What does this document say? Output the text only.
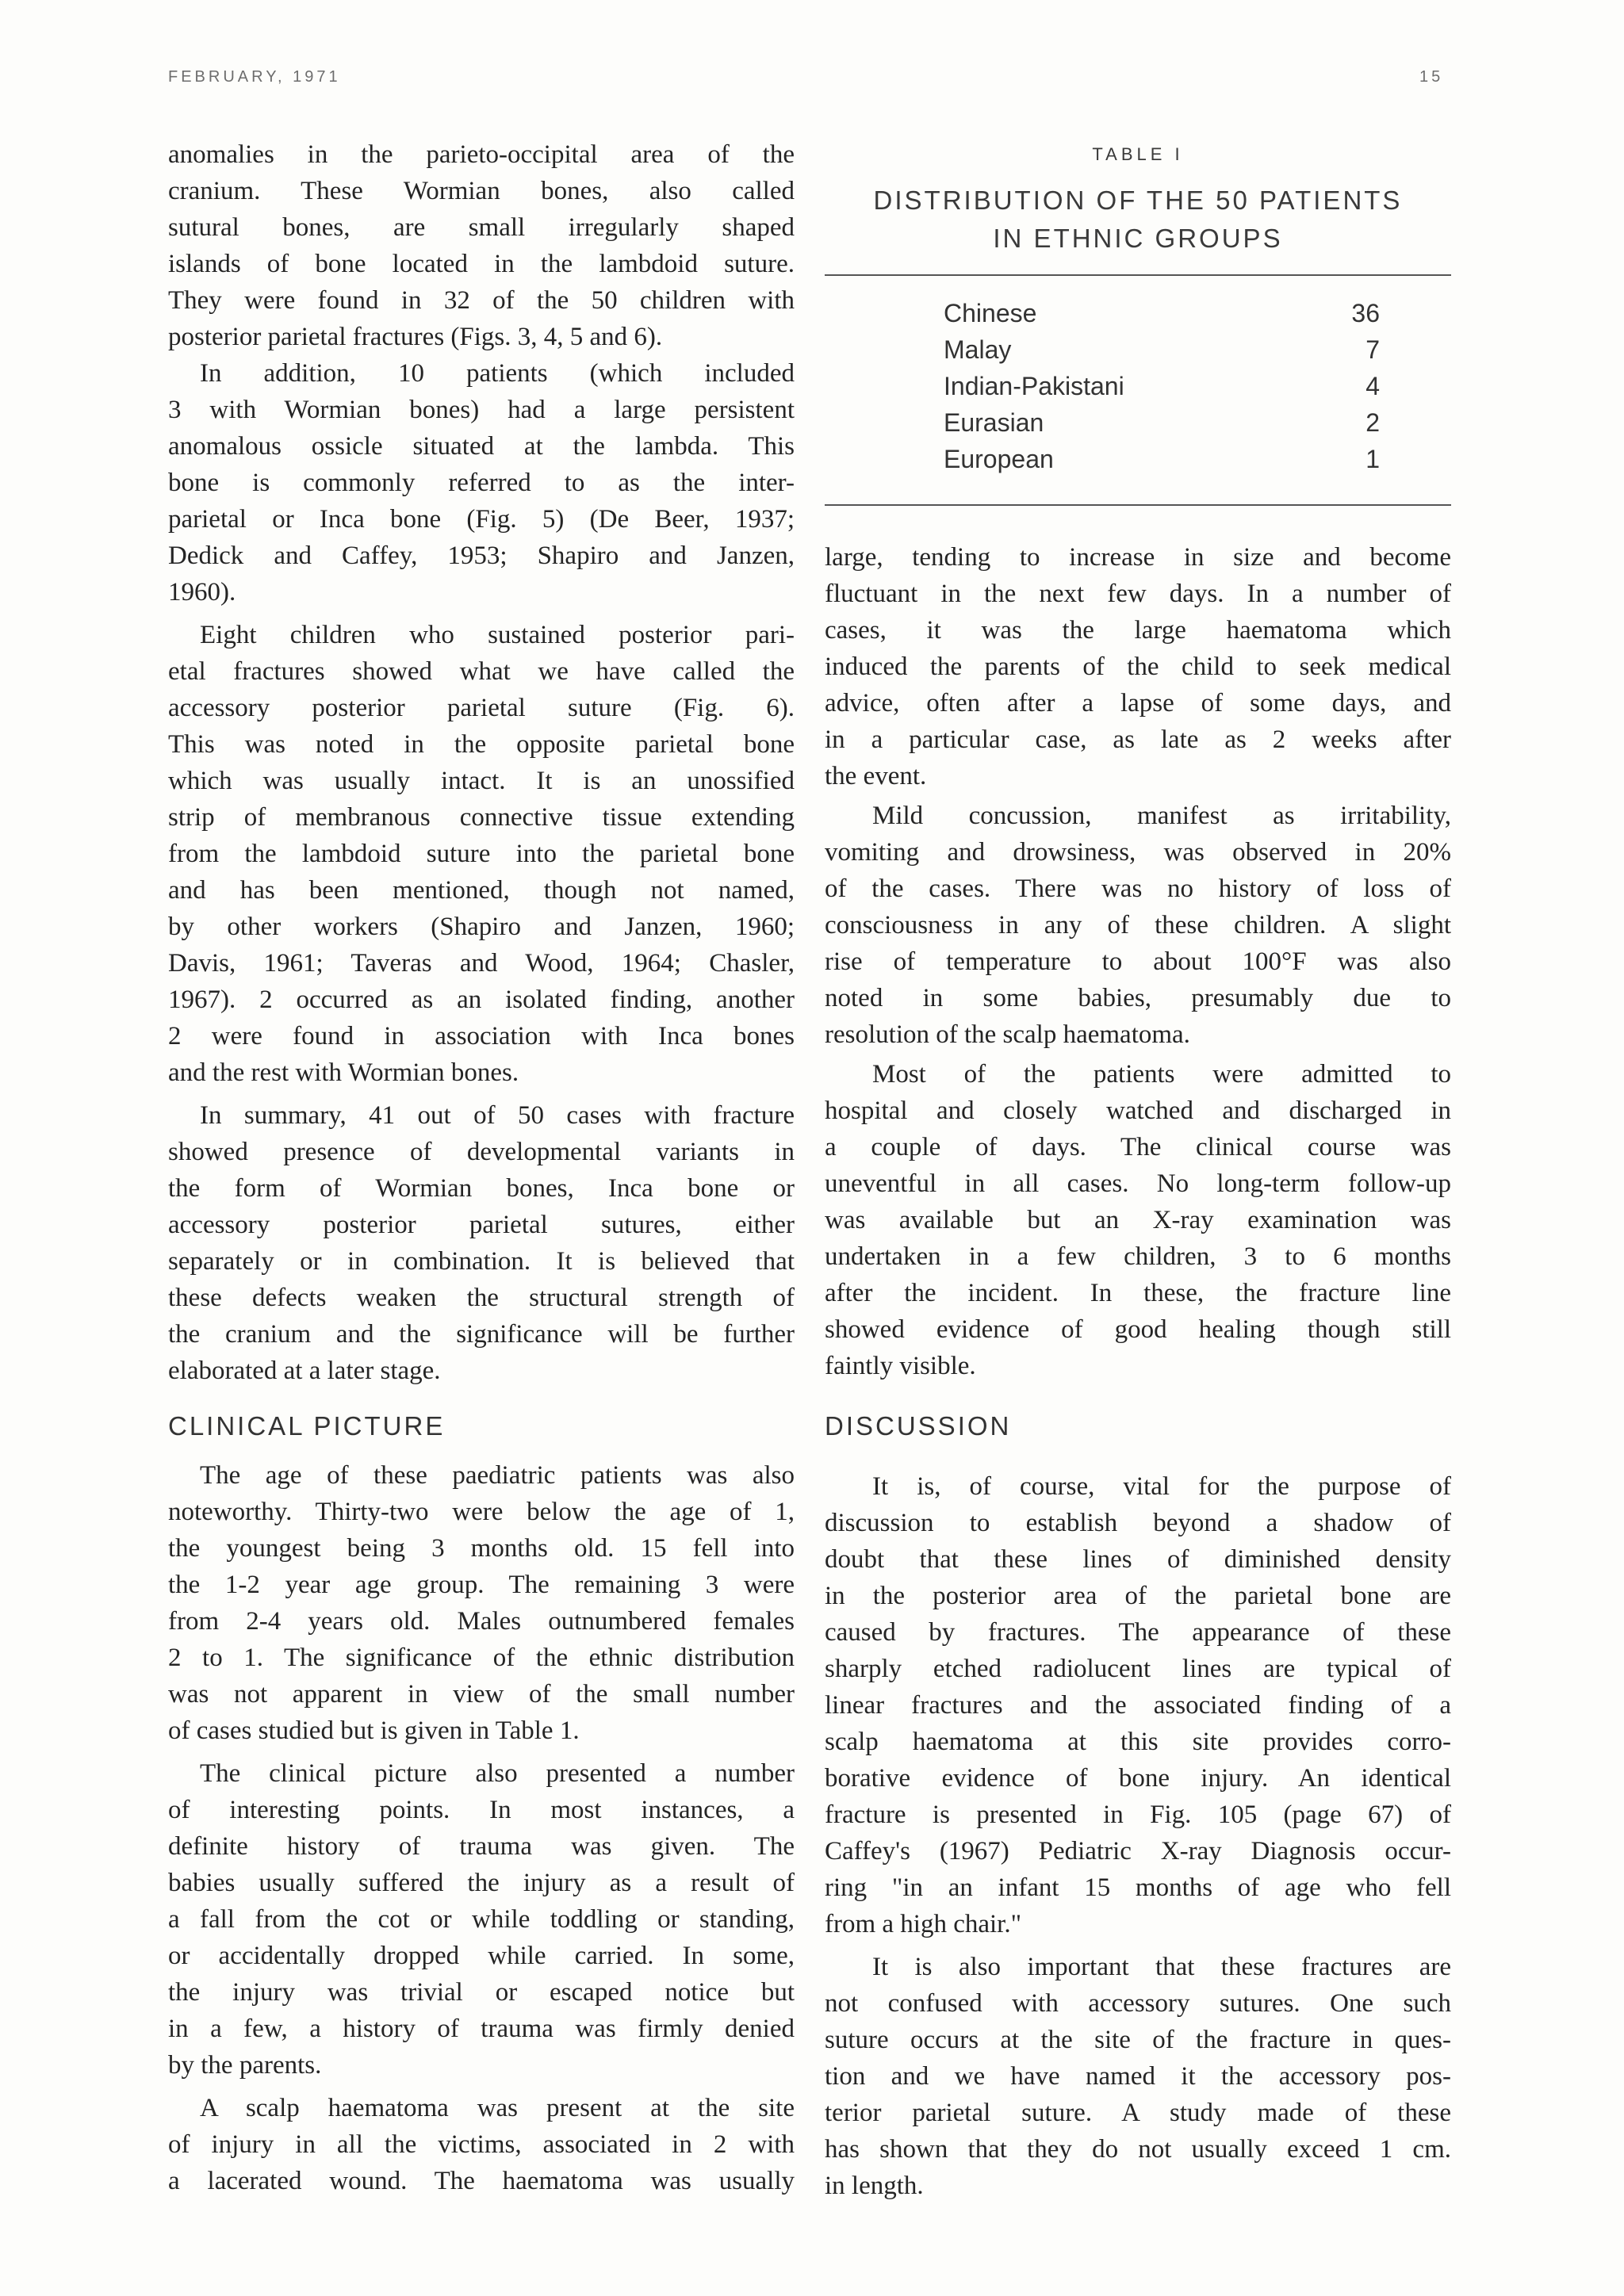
FEBRUARY, 1971	15
anomalies in the parieto-occipital area of the
cranium. These Wormian bones, also called
sutural bones, are small irregularly shaped
islands of bone located in the lambdoid suture.
They were found in 32 of the 50 children with
posterior parietal fractures (Figs. 3, 4, 5 and 6).
In addition, 10 patients (which included
3 with Wormian bones) had a large persistent
anomalous ossicle situated at the lambda. This
bone is commonly referred to as the inter-
parietal or Inca bone (Fig. 5) (De Beer, 1937;
Dedick and Caffey, 1953; Shapiro and Janzen,
1960).
Eight children who sustained posterior pari-
etal fractures showed what we have called the
accessory posterior parietal suture (Fig. 6).
This was noted in the opposite parietal bone
which was usually intact. It is an unossified
strip of membranous connective tissue extending
from the lambdoid suture into the parietal bone
and has been mentioned, though not named,
by other workers (Shapiro and Janzen, 1960;
Davis, 1961; Taveras and Wood, 1964; Chasler,
1967). 2 occurred as an isolated finding, another
2 were found in association with Inca bones
and the rest with Wormian bones.
In summary, 41 out of 50 cases with fracture
showed presence of developmental variants in
the form of Wormian bones, Inca bone or
accessory posterior parietal sutures, either
separately or in combination. It is believed that
these defects weaken the structural strength of
the cranium and the significance will be further
elaborated at a later stage.
CLINICAL PICTURE
The age of these paediatric patients was also
noteworthy. Thirty-two were below the age of 1,
the youngest being 3 months old. 15 fell into
the 1-2 year age group. The remaining 3 were
from 2-4 years old. Males outnumbered females
2 to 1. The significance of the ethnic distribution
was not apparent in view of the small number
of cases studied but is given in Table 1.
The clinical picture also presented a number
of interesting points. In most instances, a
definite history of trauma was given. The
babies usually suffered the injury as a result of
a fall from the cot or while toddling or standing,
or accidentally dropped while carried. In some,
the injury was trivial or escaped notice but
in a few, a history of trauma was firmly denied
by the parents.
A scalp haematoma was present at the site
of injury in all the victims, associated in 2 with
a lacerated wound. The haematoma was usually
TABLE I
DISTRIBUTION OF THE 50 PATIENTS
IN ETHNIC GROUPS
Chinese	36
Malay	7
Indian-Pakistani	4
Eurasian	2
European	1
large, tending to increase in size and become
fluctuant in the next few days. In a number of
cases, it was the large haematoma which
induced the parents of the child to seek medical
advice, often after a lapse of some days, and
in a particular case, as late as 2 weeks after
the event.
Mild concussion, manifest as irritability,
vomiting and drowsiness, was observed in 20%
of the cases. There was no history of loss of
consciousness in any of these children. A slight
rise of temperature to about 100°F was also
noted in some babies, presumably due to
resolution of the scalp haematoma.
Most of the patients were admitted to
hospital and closely watched and discharged in
a couple of days. The clinical course was
uneventful in all cases. No long-term follow-up
was available but an X-ray examination was
undertaken in a few children, 3 to 6 months
after the incident. In these, the fracture line
showed evidence of good healing though still
faintly visible.
DISCUSSION
It is, of course, vital for the purpose of
discussion to establish beyond a shadow of
doubt that these lines of diminished density
in the posterior area of the parietal bone are
caused by fractures. The appearance of these
sharply etched radiolucent lines are typical of
linear fractures and the associated finding of a
scalp haematoma at this site provides corro-
borative evidence of bone injury. An identical
fracture is presented in Fig. 105 (page 67) of
Caffey's (1967) Pediatric X-ray Diagnosis occur-
ring "in an infant 15 months of age who fell
from a high chair."
It is also important that these fractures are
not confused with accessory sutures. One such
suture occurs at the site of the fracture in ques-
tion and we have named it the accessory pos-
terior parietal suture. A study made of these
has shown that they do not usually exceed 1 cm.
in length.
